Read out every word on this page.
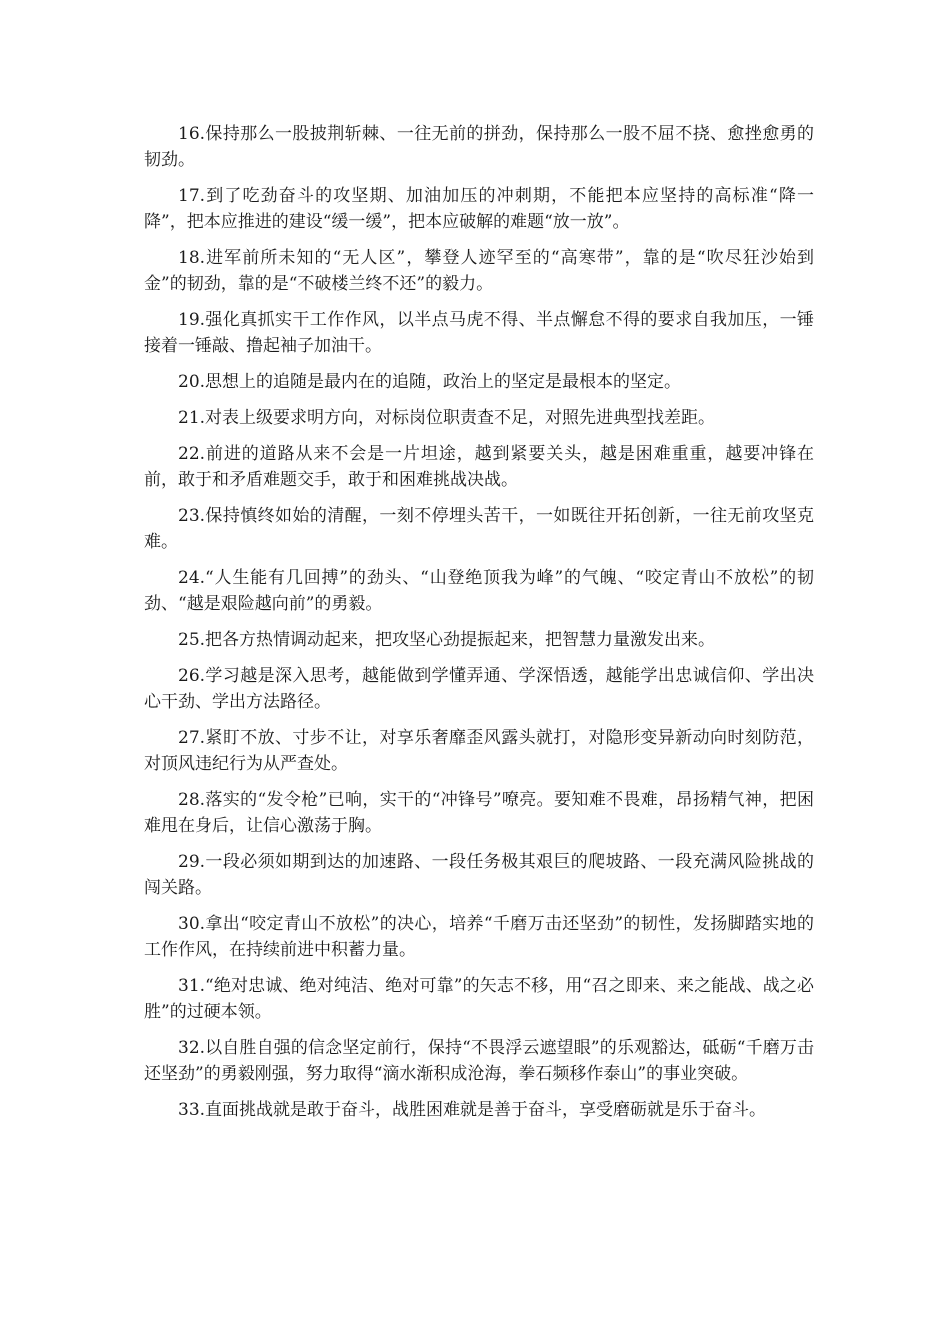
16.保持那么一股披荆斩棘、一往无前的拼劲，保持那么一股不屈不挠、愈挫愈勇的韧劲。

17.到了吃劲奋斗的攻坚期、加油加压的冲刺期，不能把本应坚持的高标准“降一降”，把本应推进的建设“缓一缓”，把本应破解的难题“放一放”。

18.进军前所未知的“无人区”，攀登人迹罕至的“高寒带”，靠的是“吹尽狂沙始到金”的韧劲，靠的是“不破楼兰终不还”的毅力。

19.强化真抓实干工作作风，以半点马虎不得、半点懈怠不得的要求自我加压，一锤接着一锤敲、撸起袖子加油干。

20.思想上的追随是最内在的追随，政治上的坚定是最根本的坚定。

21.对表上级要求明方向，对标岗位职责查不足，对照先进典型找差距。

22.前进的道路从来不会是一片坦途，越到紧要关头，越是困难重重，越要冲锋在前，敢于和矛盾难题交手，敢于和困难挑战决战。

23.保持慎终如始的清醒，一刻不停埋头苦干，一如既往开拓创新，一往无前攻坚克难。

24.“人生能有几回搏”的劲头、“山登绝顶我为峰”的气魄、“咬定青山不放松”的韧劲、“越是艰险越向前”的勇毅。

25.把各方热情调动起来，把攻坚心劲提振起来，把智慧力量激发出来。

26.学习越是深入思考，越能做到学懂弄通、学深悟透，越能学出忠诚信仰、学出决心干劲、学出方法路径。

27.紧盯不放、寸步不让，对享乐奢靡歪风露头就打，对隐形变异新动向时刻防范，对顶风违纪行为从严查处。

28.落实的“发令枪”已响，实干的“冲锋号”嘹亮。要知难不畏难，昂扬精气神，把困难甩在身后，让信心激荡于胸。

29.一段必须如期到达的加速路、一段任务极其艰巨的爬坡路、一段充满风险挑战的闯关路。

30.拿出“咬定青山不放松”的决心，培养“千磨万击还坚劲”的韧性，发扬脚踏实地的工作作风，在持续前进中积蓄力量。

31.“绝对忠诚、绝对纯洁、绝对可靠”的矢志不移，用“召之即来、来之能战、战之必胜”的过硬本领。

32.以自胜自强的信念坚定前行，保持“不畏浮云遮望眼”的乐观豁达，砥砺“千磨万击还坚劲”的勇毅刚强，努力取得“滴水渐积成沧海，拳石频移作泰山”的事业突破。

33.直面挑战就是敢于奋斗，战胜困难就是善于奋斗，享受磨砺就是乐于奋斗。
